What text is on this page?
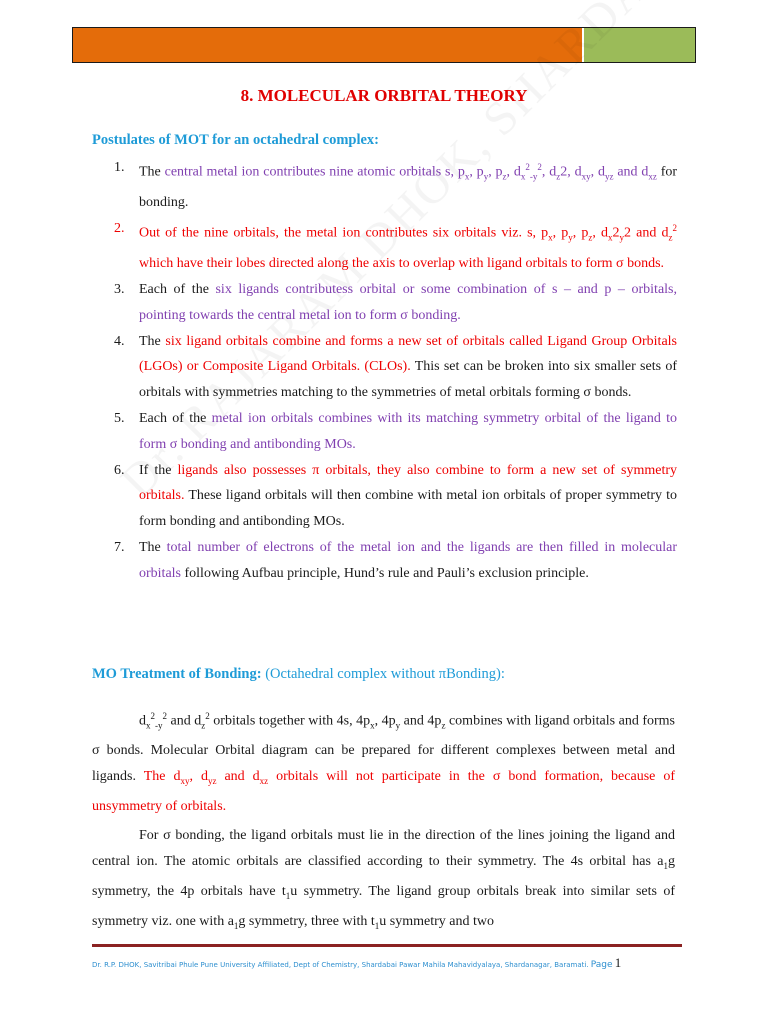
8. MOLECULAR ORBITAL THEORY
Postulates of MOT for an octahedral complex:
1. The central metal ion contributes nine atomic orbitals s, $p_x$, $p_y$, $p_z$, $d_x^2_{-y}^2$, $d_z2$, $d_{xy}$, $d_{yz}$ and $d_{xz}$ for bonding.
2. Out of the nine orbitals, the metal ion contributes six orbitals viz. s, $p_x$, $p_y$, $p_z$, $d_x2_y2$ and $d_z^2$ which have their lobes directed along the axis to overlap with ligand orbitals to form σ bonds.
3. Each of the six ligands contributess orbital or some combination of s – and p – orbitals, pointing towards the central metal ion to form σ bonding.
4. The six ligand orbitals combine and forms a new set of orbitals called Ligand Group Orbitals (LGOs) or Composite Ligand Orbitals. (CLOs). This set can be broken into six smaller sets of orbitals with symmetries matching to the symmetries of metal orbitals forming σ bonds.
5. Each of the metal ion orbitals combines with its matching symmetry orbital of the ligand to form σ bonding and antibonding MOs.
6. If the ligands also possesses π orbitals, they also combine to form a new set of symmetry orbitals. These ligand orbitals will then combine with metal ion orbitals of proper symmetry to form bonding and antibonding MOs.
7. The total number of electrons of the metal ion and the ligands are then filled in molecular orbitals following Aufbau principle, Hund’s rule and Pauli’s exclusion principle.
MO Treatment of Bonding: (Octahedral complex without πBonding):

$d_x^2_{-y}^2$ and $d_z^2$ orbitals together with 4s, $4p_x$, $4p_y$ and $4p_z$ combines with ligand orbitals and forms σ bonds. Molecular Orbital diagram can be prepared for different complexes between metal and ligands. The $d_{xy}$, $d_{yz}$ and $d_{xz}$ orbitals will not participate in the σ bond formation, because of unsymmetry of orbitals.

For σ bonding, the ligand orbitals must lie in the direction of the lines joining the ligand and central ion. The atomic orbitals are classified according to their symmetry. The 4s orbital has $a_1g$ symmetry, the 4p orbitals have $t_1u$ symmetry. The ligand group orbitals break into similar sets of symmetry viz. one with $a_1g$ symmetry, three with $t_1u$ symmetry and two

Dr. R.P. DHOK, Savitribai Phule Pune University Affiliated, Dept of Chemistry, Shardabai Pawar Mahila Mahavidyalaya, Shardanagar, Baramati. Page 1
